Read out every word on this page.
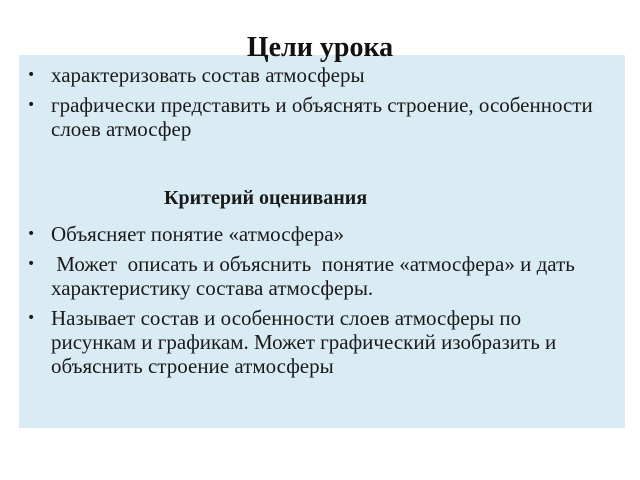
• характеризовать состав атмосферы
• графически представить и объяснять строение, особенности слоев атмосфер
Критерий оценивания
• Объясняет понятие «атмосфера»
• Может  описать и объяснить  понятие «атмосфера» и дать характеристику состава атмосферы.
• Называет состав и особенности слоев атмосферы по рисункам и графикам. Может графический изобразить и объяснить строение атмосферы
Цели урока
